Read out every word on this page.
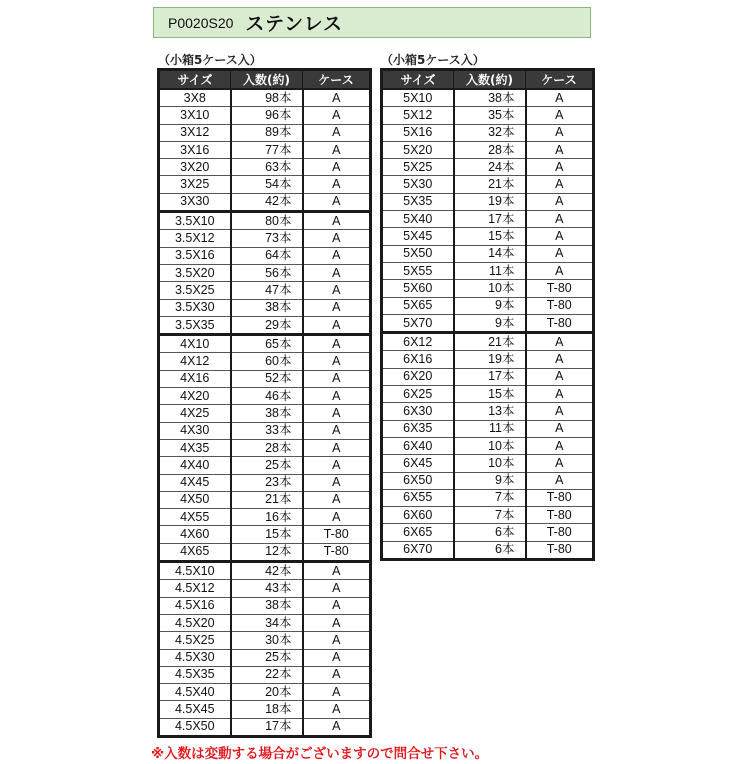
P0020S20 ステンレス
（小箱5ケース入）	（小箱5ケース入）
サイズ	入数(約)	ケース
3X8	98本	A
3X10	96本	A
3X12	89本	A
3X16	77本	A
3X20	63本	A
3X25	54本	A
3X30	42本	A
3.5X10	80本	A
3.5X12	73本	A
3.5X16	64本	A
3.5X20	56本	A
3.5X25	47本	A
3.5X30	38本	A
3.5X35	29本	A
4X10	65本	A
4X12	60本	A
4X16	52本	A
4X20	46本	A
4X25	38本	A
4X30	33本	A
4X35	28本	A
4X40	25本	A
4X45	23本	A
4X50	21本	A
4X55	16本	A
4X60	15本	T-80
4X65	12本	T-80
4.5X10	42本	A
4.5X12	43本	A
4.5X16	38本	A
4.5X20	34本	A
4.5X25	30本	A
4.5X30	25本	A
4.5X35	22本	A
4.5X40	20本	A
4.5X45	18本	A
4.5X50	17本	A
サイズ	入数(約)	ケース
5X10	38本	A
5X12	35本	A
5X16	32本	A
5X20	28本	A
5X25	24本	A
5X30	21本	A
5X35	19本	A
5X40	17本	A
5X45	15本	A
5X50	14本	A
5X55	11本	A
5X60	10本	T-80
5X65	9本	T-80
5X70	9本	T-80
6X12	21本	A
6X16	19本	A
6X20	17本	A
6X25	15本	A
6X30	13本	A
6X35	11本	A
6X40	10本	A
6X45	10本	A
6X50	9本	A
6X55	7本	T-80
6X60	7本	T-80
6X65	6本	T-80
6X70	6本	T-80
※入数は変動する場合がございますので問合せ下さい。
